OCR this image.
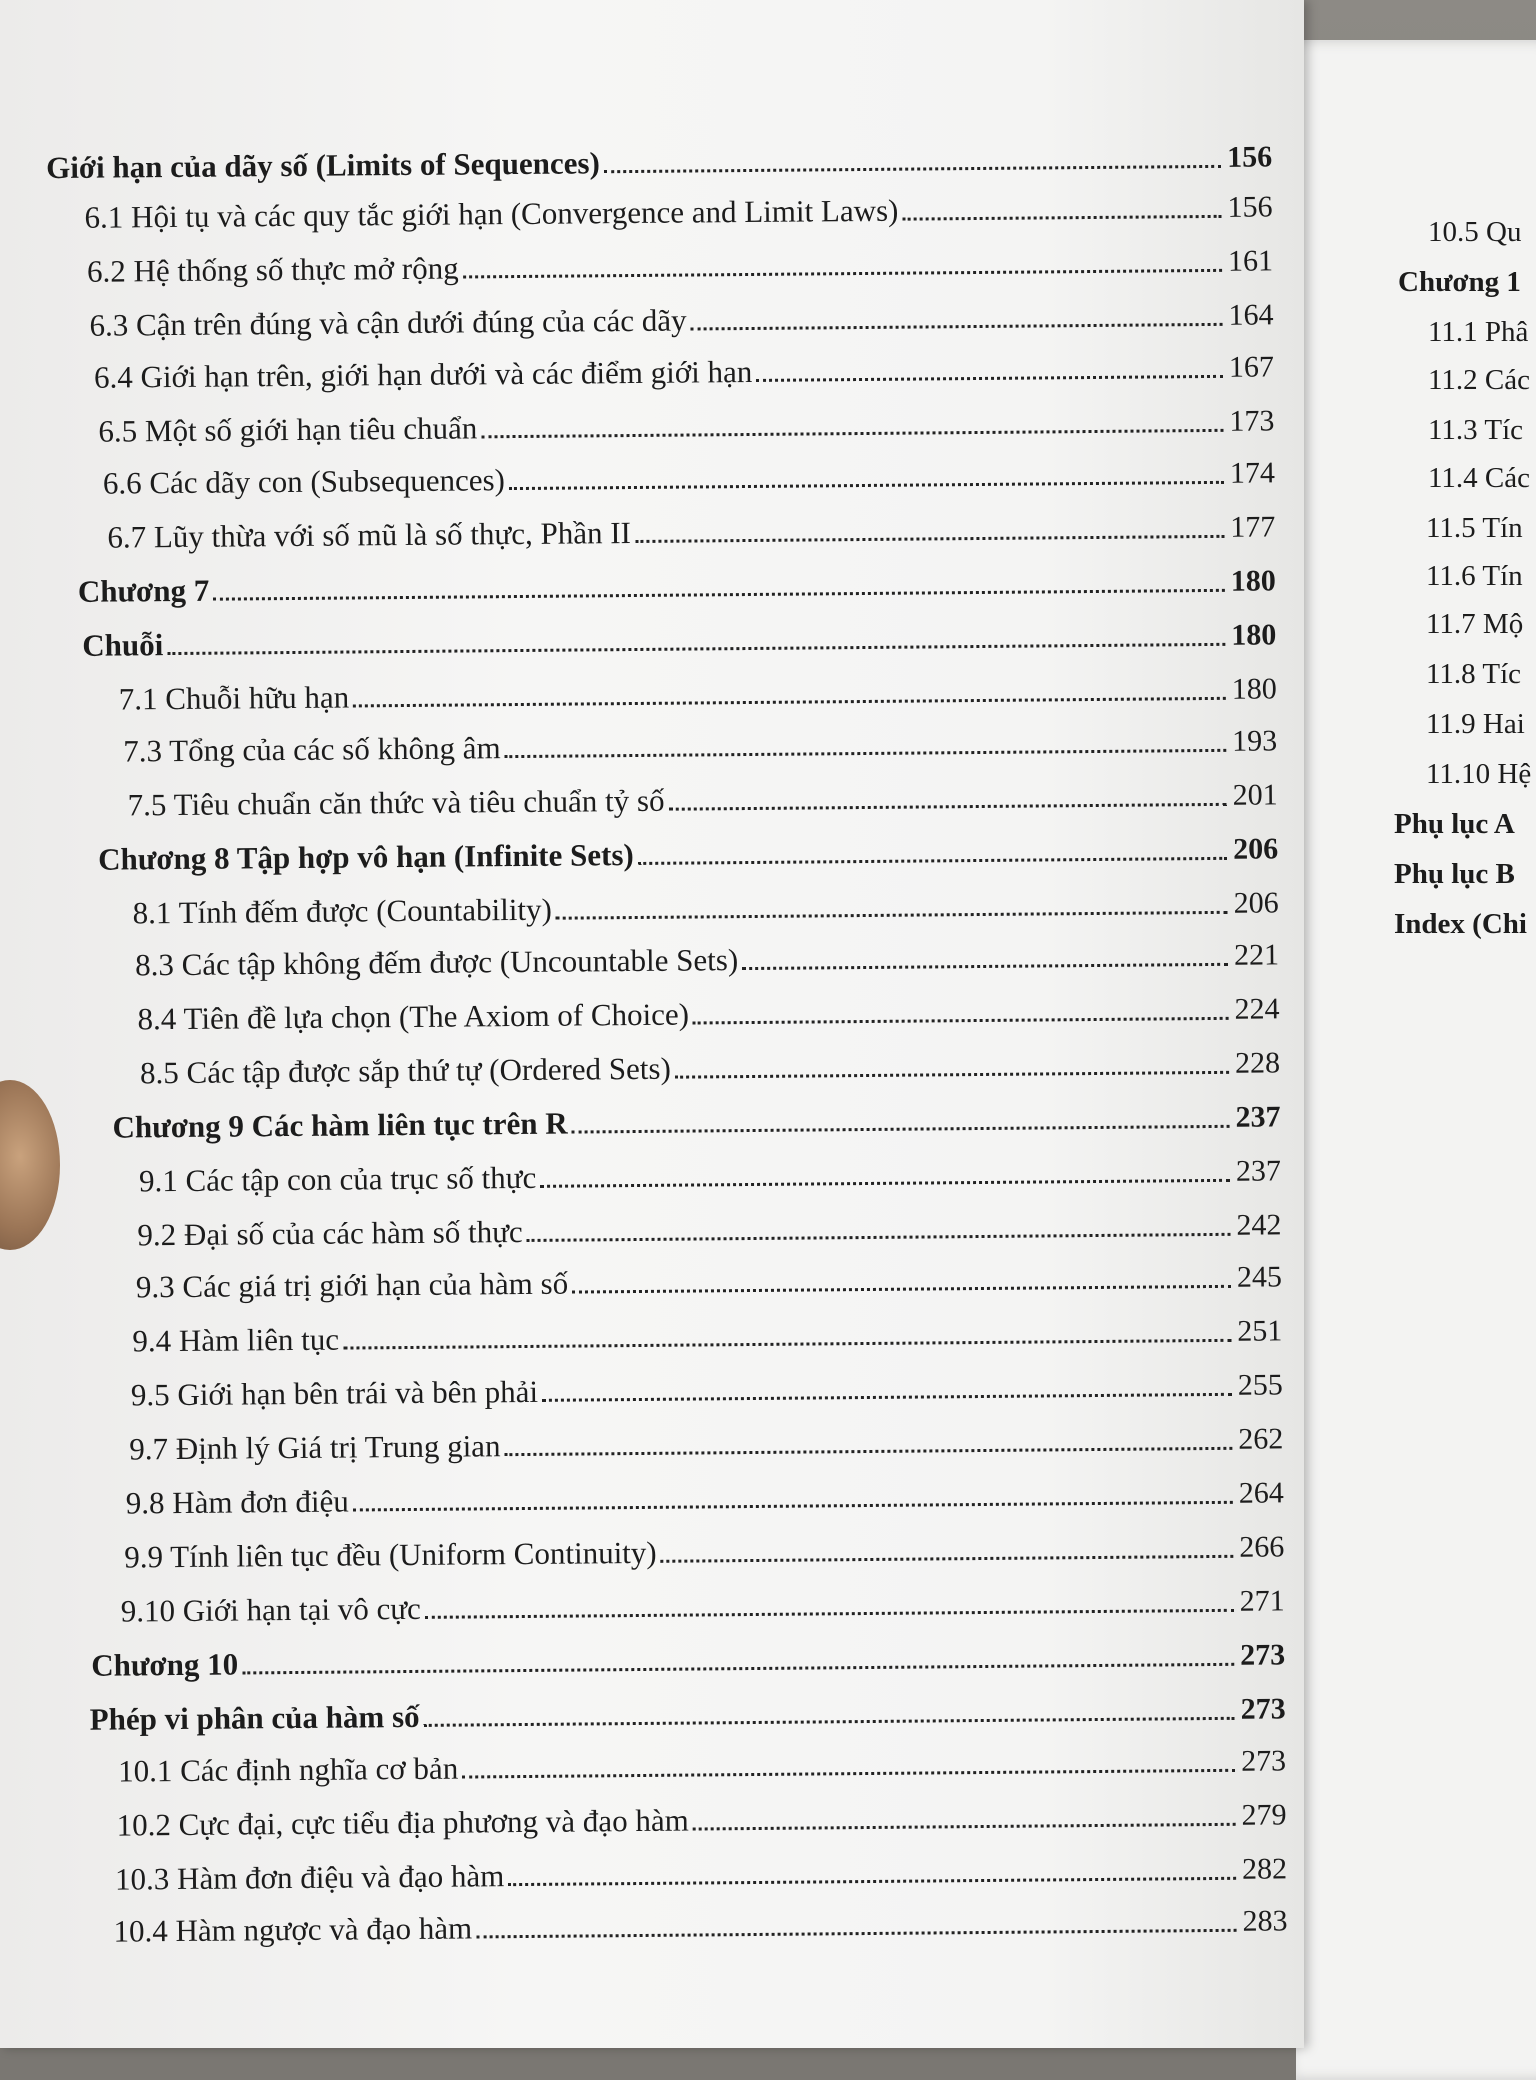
Giới hạn của dãy số (Limits of Sequences)	156
6.1 Hội tụ và các quy tắc giới hạn (Convergence and Limit Laws)	156
6.2 Hệ thống số thực mở rộng	161
6.3 Cận trên đúng và cận dưới đúng của các dãy	164
6.4 Giới hạn trên, giới hạn dưới và các điểm giới hạn	167
6.5 Một số giới hạn tiêu chuẩn	173
6.6 Các dãy con (Subsequences)	174
6.7 Lũy thừa với số mũ là số thực, Phần II	177
Chương 7	180
Chuỗi	180
7.1 Chuỗi hữu hạn	180
7.3 Tổng của các số không âm	193
7.5 Tiêu chuẩn căn thức và tiêu chuẩn tỷ số	201
Chương 8 Tập hợp vô hạn (Infinite Sets)	206
8.1 Tính đếm được (Countability)	206
8.3 Các tập không đếm được (Uncountable Sets)	221
8.4 Tiên đề lựa chọn (The Axiom of Choice)	224
8.5 Các tập được sắp thứ tự (Ordered Sets)	228
Chương 9 Các hàm liên tục trên R	237
9.1 Các tập con của trục số thực	237
9.2 Đại số của các hàm số thực	242
9.3 Các giá trị giới hạn của hàm số	245
9.4 Hàm liên tục	251
9.5 Giới hạn bên trái và bên phải	255
9.7 Định lý Giá trị Trung gian	262
9.8 Hàm đơn điệu	264
9.9 Tính liên tục đều (Uniform Continuity)	266
9.10 Giới hạn tại vô cực	271
Chương 10	273
Phép vi phân của hàm số	273
10.1 Các định nghĩa cơ bản	273
10.2 Cực đại, cực tiểu địa phương và đạo hàm	279
10.3 Hàm đơn điệu và đạo hàm	282
10.4 Hàm ngược và đạo hàm	283
10.5 Qu
Chương 1
11.1 Phâ
11.2 Các
11.3 Tíc
11.4 Các
11.5 Tín
11.6 Tín
11.7 Mộ
11.8 Tíc
11.9 Hai
11.10 Hệ
Phụ lục A
Phụ lục B
Index (Chi
